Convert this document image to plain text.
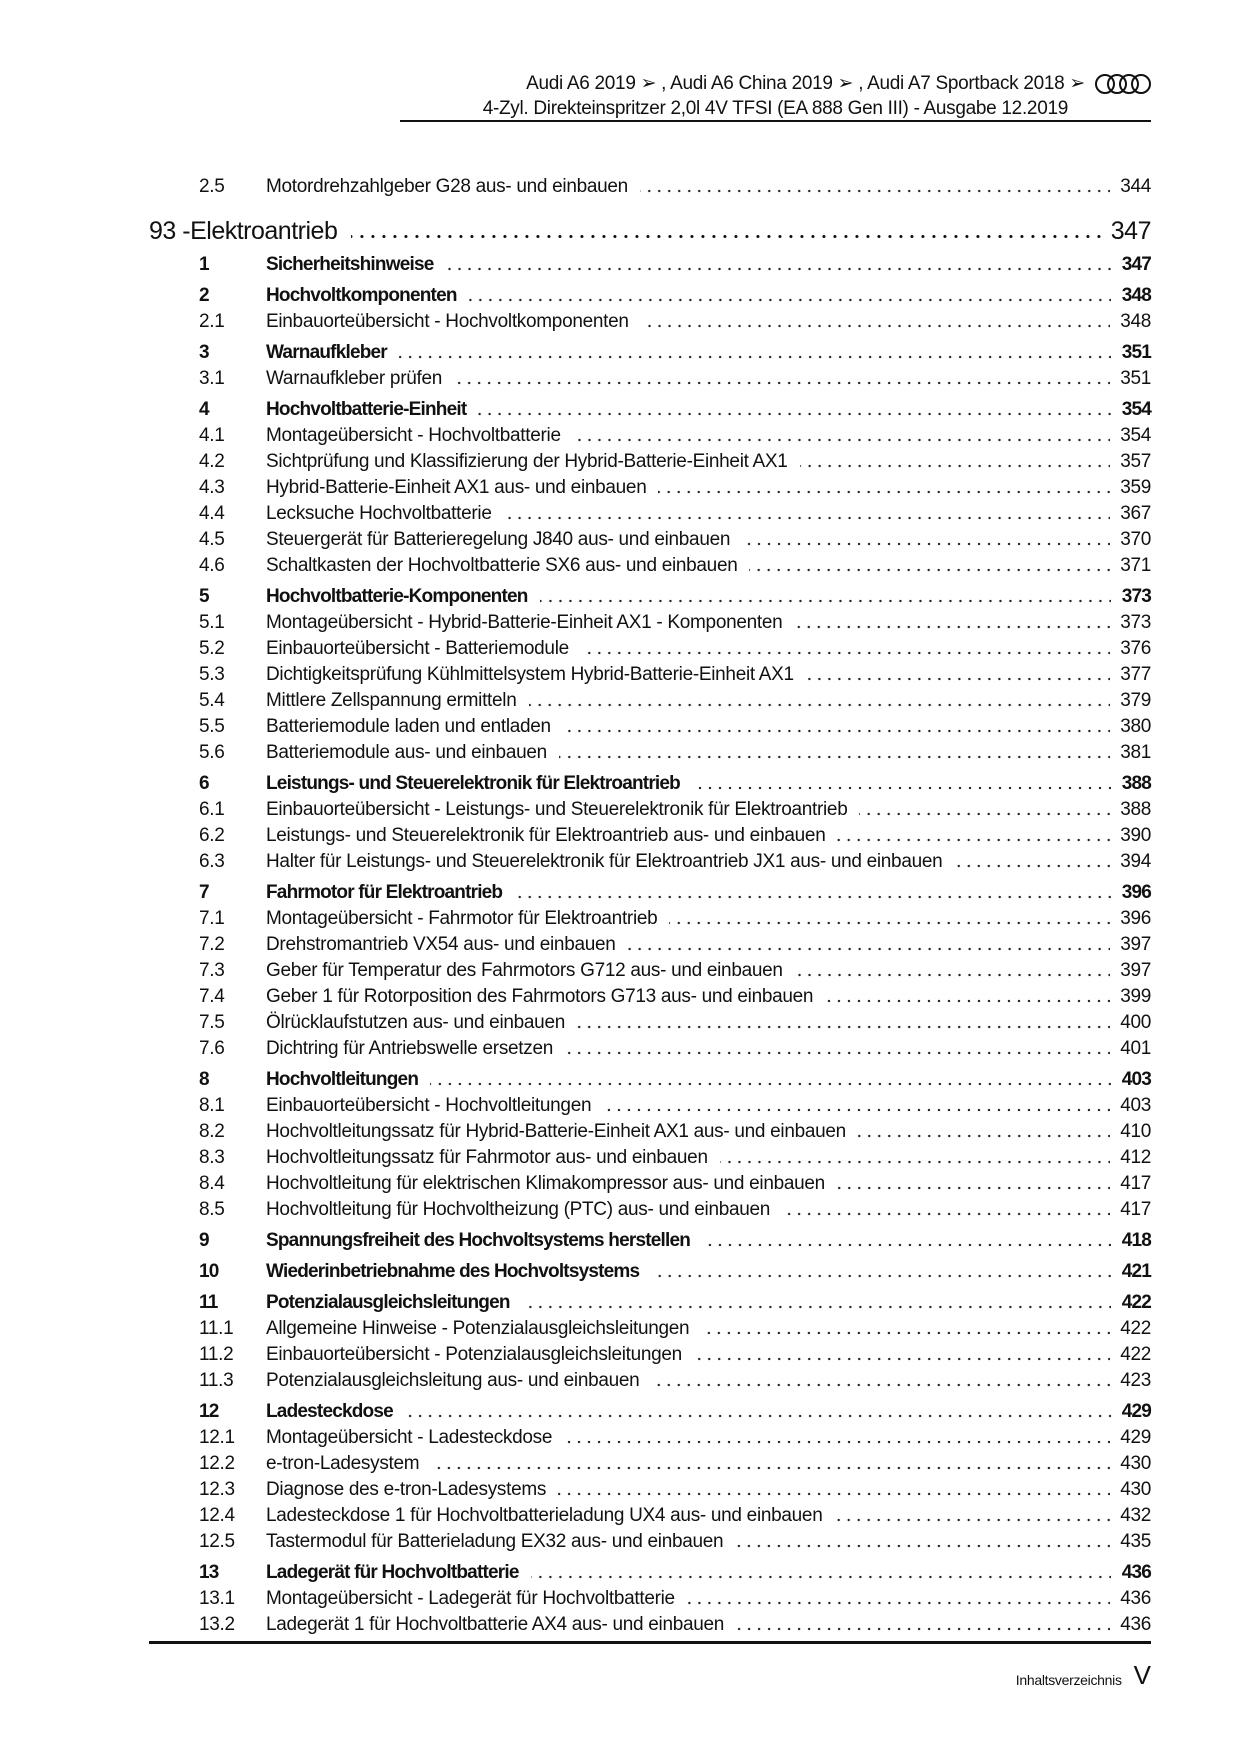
Audi A6 2019 ➢ , Audi A6 China 2019 ➢ , Audi A7 Sportback 2018 ➢
4-Zyl. Direkteinspritzer 2,0l 4V TFSI (EA 888 Gen III) - Ausgabe 12.2019
2.5	Motordrehzahlgeber G28 aus- und einbauen	344
93 - Elektroantrieb	347
1	Sicherheitshinweise	347
2	Hochvoltkomponenten	348
2.1	Einbauorteübersicht - Hochvoltkomponenten	348
3	Warnaufkleber	351
3.1	Warnaufkleber prüfen	351
4	Hochvoltbatterie-Einheit	354
4.1	Montageübersicht - Hochvoltbatterie	354
4.2	Sichtprüfung und Klassifizierung der Hybrid-Batterie-Einheit AX1	357
4.3	Hybrid-Batterie-Einheit AX1 aus- und einbauen	359
4.4	Lecksuche Hochvoltbatterie	367
4.5	Steuergerät für Batterieregelung J840 aus- und einbauen	370
4.6	Schaltkasten der Hochvoltbatterie SX6 aus- und einbauen	371
5	Hochvoltbatterie-Komponenten	373
5.1	Montageübersicht - Hybrid-Batterie-Einheit AX1 - Komponenten	373
5.2	Einbauorteübersicht - Batteriemodule	376
5.3	Dichtigkeitsprüfung Kühlmittelsystem Hybrid-Batterie-Einheit AX1	377
5.4	Mittlere Zellspannung ermitteln	379
5.5	Batteriemodule laden und entladen	380
5.6	Batteriemodule aus- und einbauen	381
6	Leistungs- und Steuerelektronik für Elektroantrieb	388
6.1	Einbauorteübersicht - Leistungs- und Steuerelektronik für Elektroantrieb	388
6.2	Leistungs- und Steuerelektronik für Elektroantrieb aus- und einbauen	390
6.3	Halter für Leistungs- und Steuerelektronik für Elektroantrieb JX1 aus- und einbauen	394
7	Fahrmotor für Elektroantrieb	396
7.1	Montageübersicht - Fahrmotor für Elektroantrieb	396
7.2	Drehstromantrieb VX54 aus- und einbauen	397
7.3	Geber für Temperatur des Fahrmotors G712 aus- und einbauen	397
7.4	Geber 1 für Rotorposition des Fahrmotors G713 aus- und einbauen	399
7.5	Ölrücklaufstutzen aus- und einbauen	400
7.6	Dichtring für Antriebswelle ersetzen	401
8	Hochvoltleitungen	403
8.1	Einbauorteübersicht - Hochvoltleitungen	403
8.2	Hochvoltleitungssatz für Hybrid-Batterie-Einheit AX1 aus- und einbauen	410
8.3	Hochvoltleitungssatz für Fahrmotor aus- und einbauen	412
8.4	Hochvoltleitung für elektrischen Klimakompressor aus- und einbauen	417
8.5	Hochvoltleitung für Hochvoltheizung (PTC) aus- und einbauen	417
9	Spannungsfreiheit des Hochvoltsystems herstellen	418
10	Wiederinbetriebnahme des Hochvoltsystems	421
11	Potenzialausgleichsleitungen	422
11.1	Allgemeine Hinweise - Potenzialausgleichsleitungen	422
11.2	Einbauorteübersicht - Potenzialausgleichsleitungen	422
11.3	Potenzialausgleichsleitung aus- und einbauen	423
12	Ladesteckdose	429
12.1	Montageübersicht - Ladesteckdose	429
12.2	e-tron-Ladesystem	430
12.3	Diagnose des e-tron-Ladesystems	430
12.4	Ladesteckdose 1 für Hochvoltbatterieladung UX4 aus- und einbauen	432
12.5	Tastermodul für Batterieladung EX32 aus- und einbauen	435
13	Ladegerät für Hochvoltbatterie	436
13.1	Montageübersicht - Ladegerät für Hochvoltbatterie	436
13.2	Ladegerät 1 für Hochvoltbatterie AX4 aus- und einbauen	436
Inhaltsverzeichnis V
